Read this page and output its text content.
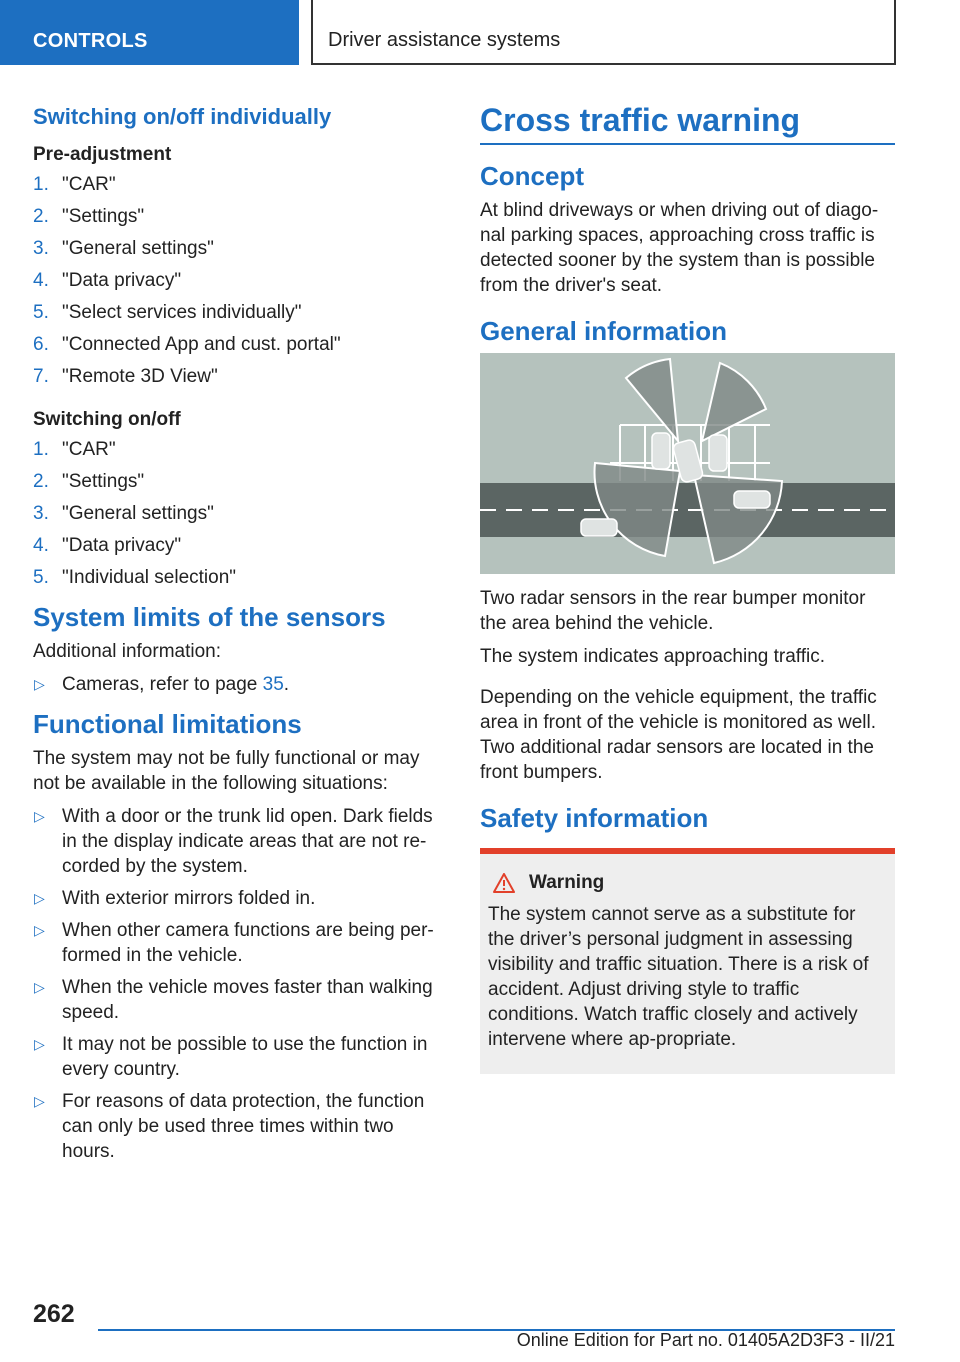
CONTROLS	Driver assistance systems
Switching on/off individually
Pre-adjustment
1. "CAR"
2. "Settings"
3. "General settings"
4. "Data privacy"
5. "Select services individually"
6. "Connected App and cust. portal"
7. "Remote 3D View"
Switching on/off
1. "CAR"
2. "Settings"
3. "General settings"
4. "Data privacy"
5. "Individual selection"
System limits of the sensors

Additional information:

▷ Cameras, refer to page 35.
Functional limitations

The system may not be fully functional or may not be available in the following situations:

▷ With a door or the trunk lid open. Dark fields in the display indicate areas that are not re-corded by the system.
▷ With exterior mirrors folded in.
▷ When other camera functions are being per-formed in the vehicle.
▷ When the vehicle moves faster than walking speed.
▷ It may not be possible to use the function in every country.
▷ For reasons of data protection, the function can only be used three times within two hours.
Cross traffic warning
Concept

At blind driveways or when driving out of diago-nal parking spaces, approaching cross traffic is detected sooner by the system than is possible from the driver's seat.

General information

Two radar sensors in the rear bumper monitor the area behind the vehicle.

The system indicates approaching traffic.

Depending on the vehicle equipment, the traffic area in front of the vehicle is monitored as well. Two additional radar sensors are located in the front bumpers.

Safety information
Warning

The system cannot serve as a substitute for the driver’s personal judgment in assessing visibility and traffic situation. There is a risk of accident. Adjust driving style to traffic conditions. Watch traffic closely and actively intervene where ap-propriate.

262
Online Edition for Part no. 01405A2D3F3 - II/21
